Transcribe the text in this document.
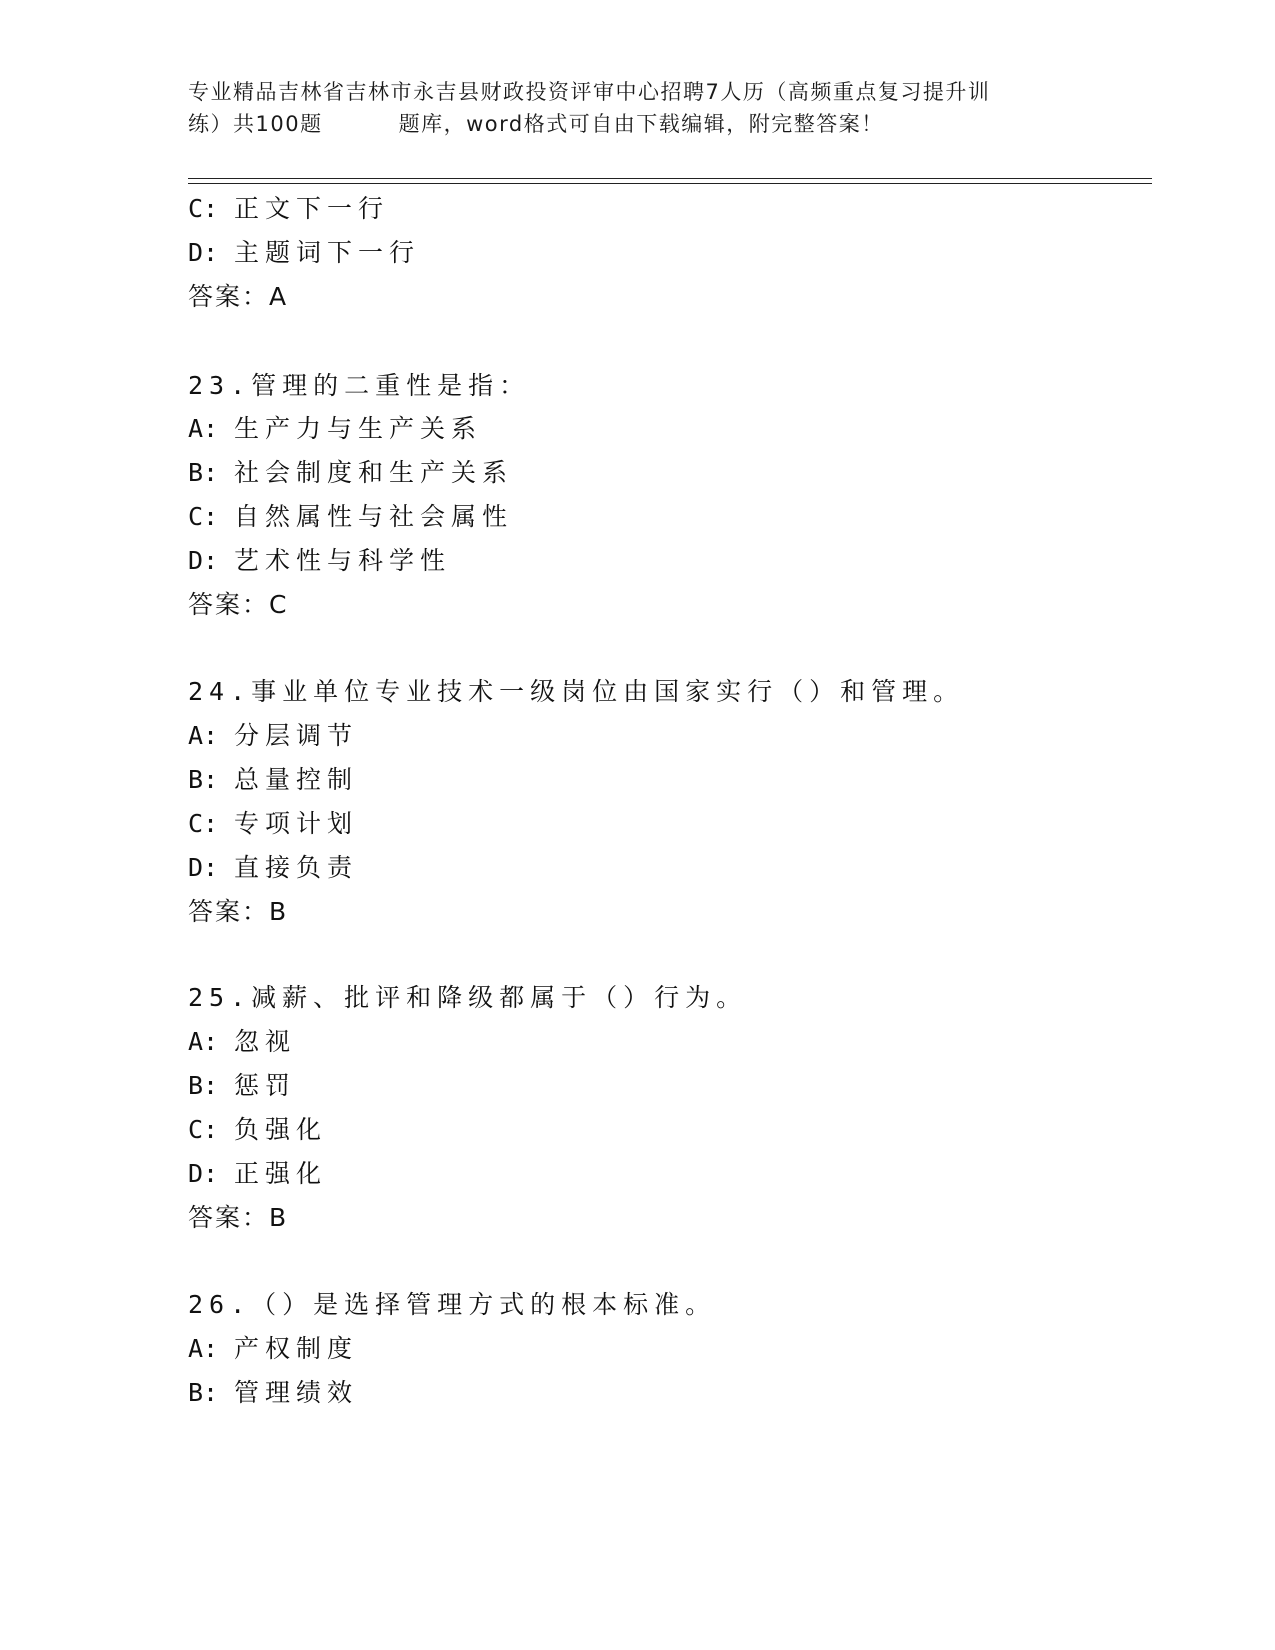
专业精品吉林省吉林市永吉县财政投资评审中心招聘7人历（高频重点复习提升训
练）共100题	题库，word格式可自由下载编辑，附完整答案！
C: 正文下一行
D: 主题词下一行
答案：A
23.管理的二重性是指：
A: 生产力与生产关系
B: 社会制度和生产关系
C: 自然属性与社会属性
D: 艺术性与科学性
答案：C
24.事业单位专业技术一级岗位由国家实行（）和管理。
A: 分层调节
B: 总量控制
C: 专项计划
D: 直接负责
答案：B
25.减薪、批评和降级都属于（）行为。
A: 忽视
B: 惩罚
C: 负强化
D: 正强化
答案：B
26.（）是选择管理方式的根本标准。
A: 产权制度
B: 管理绩效
